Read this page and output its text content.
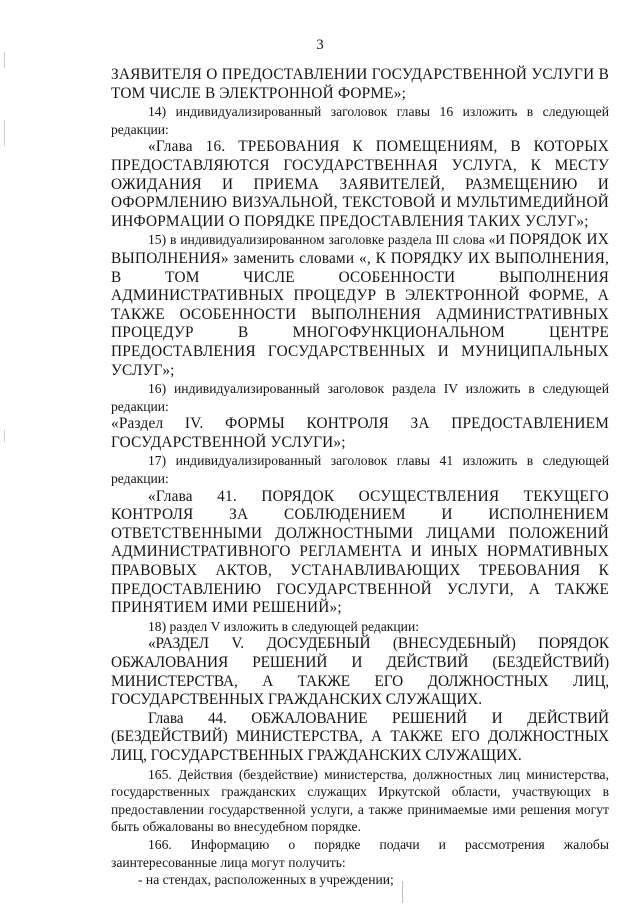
3

ЗАЯВИТЕЛЯ О ПРЕДОСТАВЛЕНИИ ГОСУДАРСТВЕННОЙ УСЛУГИ В ТОМ ЧИСЛЕ В ЭЛЕКТРОННОЙ ФОРМЕ»;

14) индивидуализированный заголовок главы 16 изложить в следующей редакции:

«Глава 16. ТРЕБОВАНИЯ К ПОМЕЩЕНИЯМ, В КОТОРЫХ ПРЕДОСТАВЛЯЮТСЯ ГОСУДАРСТВЕННАЯ УСЛУГА, К МЕСТУ ОЖИДАНИЯ И ПРИЕМА ЗАЯВИТЕЛЕЙ, РАЗМЕЩЕНИЮ И ОФОРМЛЕНИЮ ВИЗУАЛЬНОЙ, ТЕКСТОВОЙ И МУЛЬТИМЕДИЙНОЙ ИНФОРМАЦИИ О ПОРЯДКЕ ПРЕДОСТАВЛЕНИЯ ТАКИХ УСЛУГ»;

15) в индивидуализированном заголовке раздела III слова «И ПОРЯДОК ИХ ВЫПОЛНЕНИЯ» заменить словами «, К ПОРЯДКУ ИХ ВЫПОЛНЕНИЯ, В ТОМ ЧИСЛЕ ОСОБЕННОСТИ ВЫПОЛНЕНИЯ АДМИНИСТРАТИВНЫХ ПРОЦЕДУР В ЭЛЕКТРОННОЙ ФОРМЕ, А ТАКЖЕ ОСОБЕННОСТИ ВЫПОЛНЕНИЯ АДМИНИСТРАТИВНЫХ ПРОЦЕДУР В МНОГОФУНКЦИОНАЛЬНОМ ЦЕНТРЕ ПРЕДОСТАВЛЕНИЯ ГОСУДАРСТВЕННЫХ И МУНИЦИПАЛЬНЫХ УСЛУГ»;

16) индивидуализированный заголовок раздела IV изложить в следующей редакции:

«Раздел IV. ФОРМЫ КОНТРОЛЯ ЗА ПРЕДОСТАВЛЕНИЕМ ГОСУДАРСТВЕННОЙ УСЛУГИ»;

17) индивидуализированный заголовок главы 41 изложить в следующей редакции:

«Глава 41. ПОРЯДОК ОСУЩЕСТВЛЕНИЯ ТЕКУЩЕГО КОНТРОЛЯ ЗА СОБЛЮДЕНИЕМ И ИСПОЛНЕНИЕМ ОТВЕТСТВЕННЫМИ ДОЛЖНОСТНЫМИ ЛИЦАМИ ПОЛОЖЕНИЙ АДМИНИСТРАТИВНОГО РЕГЛАМЕНТА И ИНЫХ НОРМАТИВНЫХ ПРАВОВЫХ АКТОВ, УСТАНАВЛИВАЮЩИХ ТРЕБОВАНИЯ К ПРЕДОСТАВЛЕНИЮ ГОСУДАРСТВЕННОЙ УСЛУГИ, А ТАКЖЕ ПРИНЯТИЕМ ИМИ РЕШЕНИЙ»;

18) раздел V изложить в следующей редакции:

«РАЗДЕЛ V. ДОСУДЕБНЫЙ (ВНЕСУДЕБНЫЙ) ПОРЯДОК ОБЖАЛОВАНИЯ РЕШЕНИЙ И ДЕЙСТВИЙ (БЕЗДЕЙСТВИЙ) МИНИСТЕРСТВА, А ТАКЖЕ ЕГО ДОЛЖНОСТНЫХ ЛИЦ, ГОСУДАРСТВЕННЫХ ГРАЖДАНСКИХ СЛУЖАЩИХ.

Глава 44. ОБЖАЛОВАНИЕ РЕШЕНИЙ И ДЕЙСТВИЙ (БЕЗДЕЙСТВИЙ) МИНИСТЕРСТВА, А ТАКЖЕ ЕГО ДОЛЖНОСТНЫХ ЛИЦ, ГОСУДАРСТВЕННЫХ ГРАЖДАНСКИХ СЛУЖАЩИХ.

165. Действия (бездействие) министерства, должностных лиц министерства, государственных гражданских служащих Иркутской области, участвующих в предоставлении государственной услуги, а также принимаемые ими решения могут быть обжалованы во внесудебном порядке.

166. Информацию о порядке подачи и рассмотрения жалобы заинтересованные лица могут получить:

- на стендах, расположенных в учреждении;
